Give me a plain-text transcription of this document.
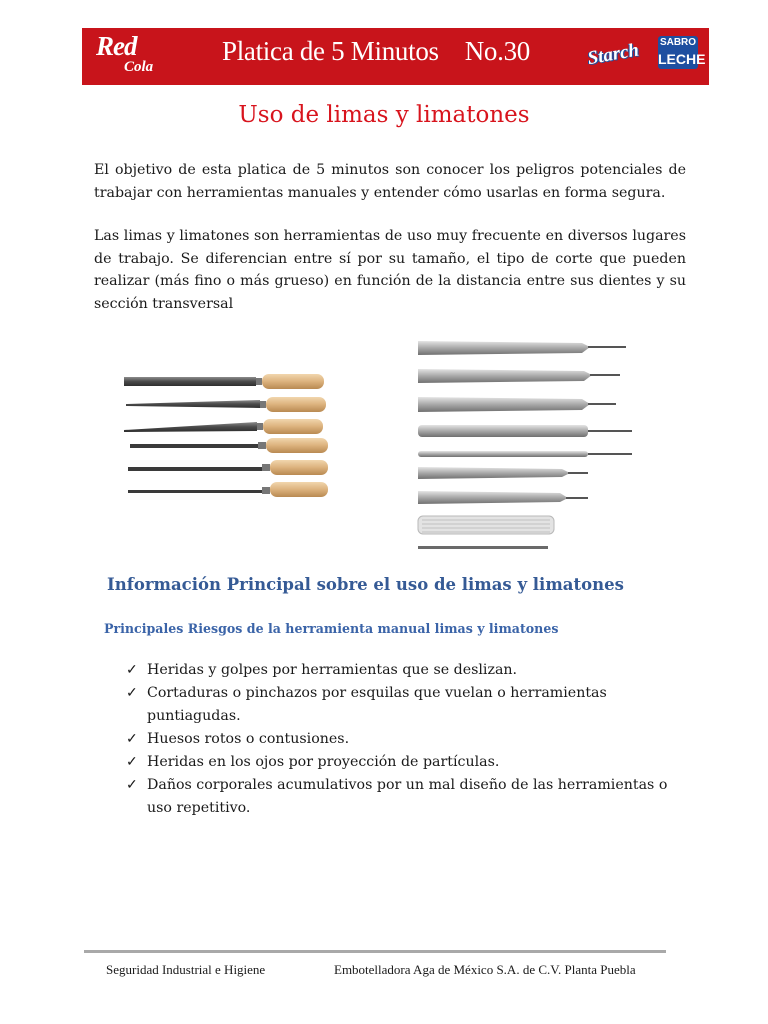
Red
Cola
Platica de 5 Minutos No.30	Starch SABRO
LECHE
Uso de limas y limatones

El objetivo de esta platica de 5 minutos son conocer los peligros potenciales de trabajar con herramientas manuales y entender cómo usarlas en forma segura.

Las limas y limatones son herramientas de uso muy frecuente en diversos lugares de trabajo. Se diferencian entre sí por su tamaño, el tipo de corte que pueden realizar (más fino o más grueso) en función de la distancia entre sus dientes y su sección transversal

Información Principal sobre el uso de limas y limatones
Principales Riesgos de la herramienta manual limas y limatones
✓ Heridas y golpes por herramientas que se deslizan.
✓ Cortaduras o pinchazos por esquilas que vuelan o herramientas puntiagudas.
✓ Huesos rotos o contusiones.
✓ Heridas en los ojos por proyección de partículas.
✓ Daños corporales acumulativos por un mal diseño de las herramientas o uso repetitivo.
Seguridad Industrial e Higiene	Embotelladora Aga de México S.A. de C.V. Planta Puebla
